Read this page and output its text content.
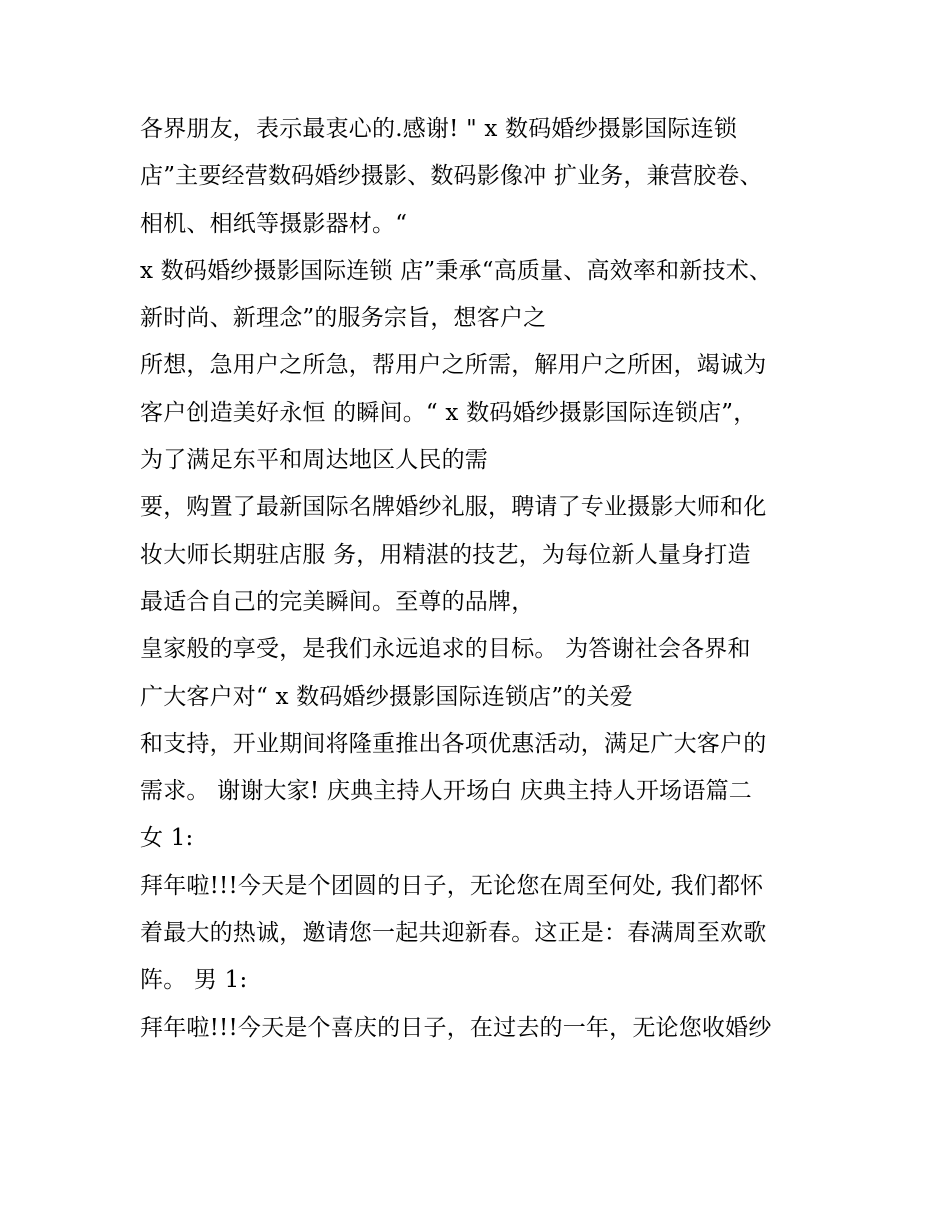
各界朋友，表示最衷心的.感谢! " x 数码婚纱摄影国际连锁
店”主要经营数码婚纱摄影、数码影像冲 扩业务，兼营胶卷、
相机、相纸等摄影器材。“
x 数码婚纱摄影国际连锁 店”秉承“高质量、高效率和新技术、
新时尚、新理念”的服务宗旨，想客户之
所想，急用户之所急，帮用户之所需，解用户之所困，竭诚为
客户创造美好永恒 的瞬间。“ x 数码婚纱摄影国际连锁店”，
为了满足东平和周达地区人民的需
要，购置了最新国际名牌婚纱礼服，聘请了专业摄影大师和化
妆大师长期驻店服 务，用精湛的技艺，为每位新人量身打造
最适合自己的完美瞬间。至尊的品牌，
皇家般的享受，是我们永远追求的目标。 为答谢社会各界和
广大客户对“ x 数码婚纱摄影国际连锁店”的关爱
和支持，开业期间将隆重推出各项优惠活动，满足广大客户的
需求。 谢谢大家! 庆典主持人开场白 庆典主持人开场语篇二
女 1:
拜年啦!!!今天是个团圆的日子，无论您在周至何处, 我们都怀
着最大的热诚，邀请您一起共迎新春。这正是：春满周至欢歌
阵。 男 1:
拜年啦!!!今天是个喜庆的日子，在过去的一年，无论您收婚纱
